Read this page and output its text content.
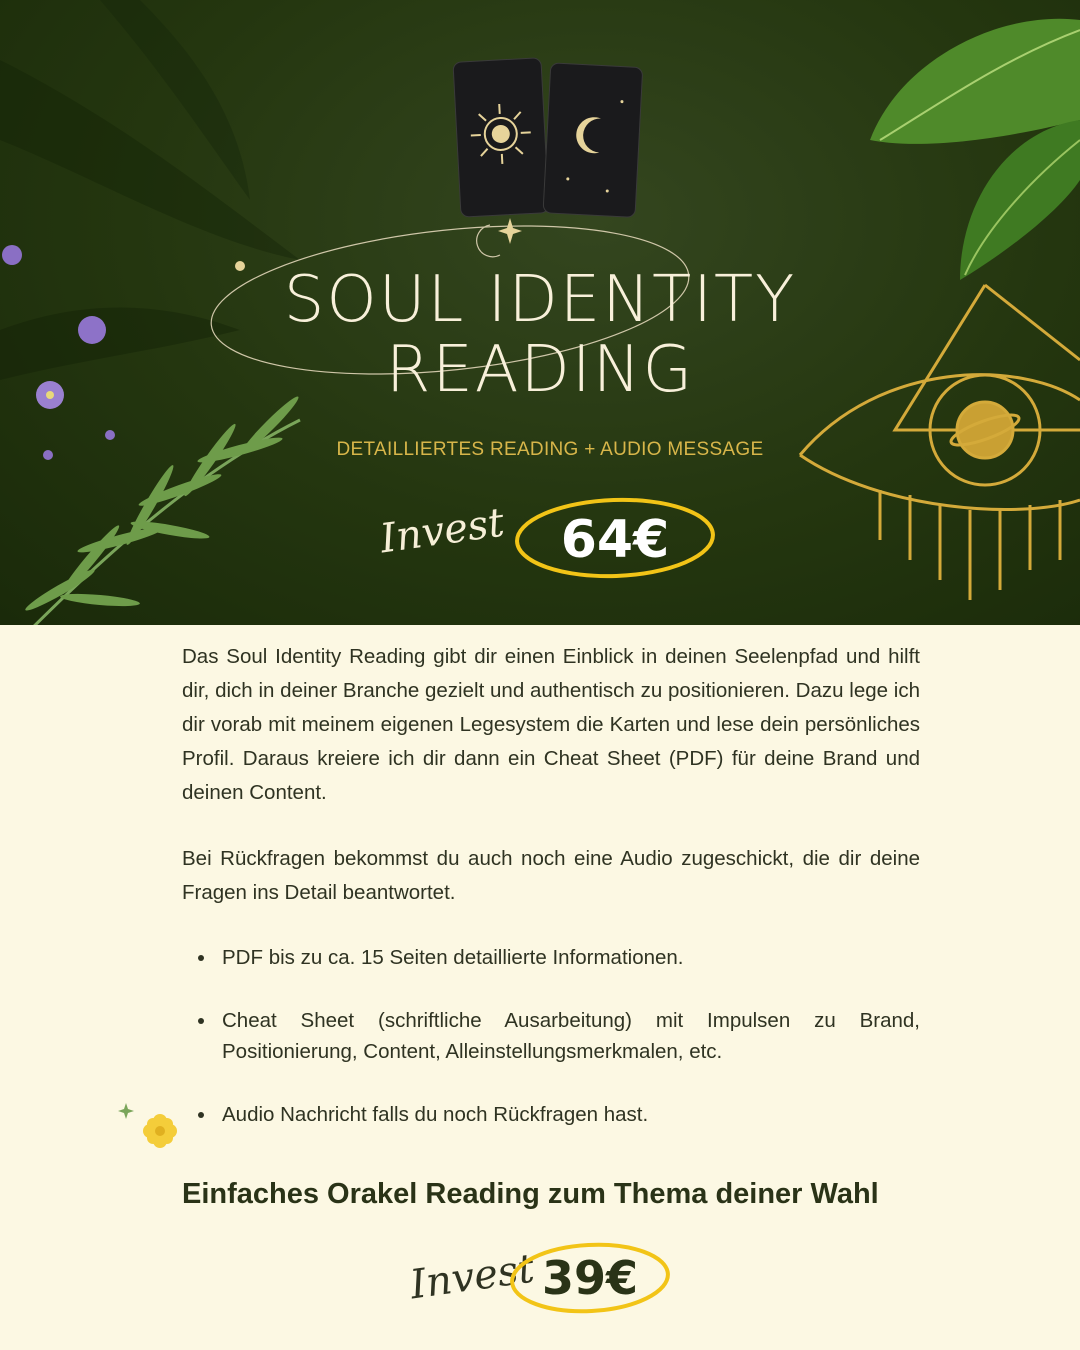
SOUL IDENTITY
READING
DETAILLIERTES READING + AUDIO MESSAGE
Invest	64€

Das Soul Identity Reading gibt dir einen Einblick in deinen Seelenpfad und hilft dir, dich in deiner Branche gezielt und authentisch zu positionieren. Dazu lege ich dir vorab mit meinem eigenen Legesystem die Karten und lese dein persönliches Profil. Daraus kreiere ich dir dann ein Cheat Sheet (PDF) für deine Brand und deinen Content.

Bei Rückfragen bekommst du auch noch eine Audio zugeschickt, die dir deine Fragen ins Detail beantwortet.

PDF bis zu ca. 15 Seiten detaillierte Informationen.
Cheat Sheet (schriftliche Ausarbeitung) mit Impulsen zu Brand, Positionierung, Content, Alleinstellungsmerkmalen, etc.
Audio Nachricht falls du noch Rückfragen hast.
Einfaches Orakel Reading zum Thema deiner Wahl
Invest 39€
